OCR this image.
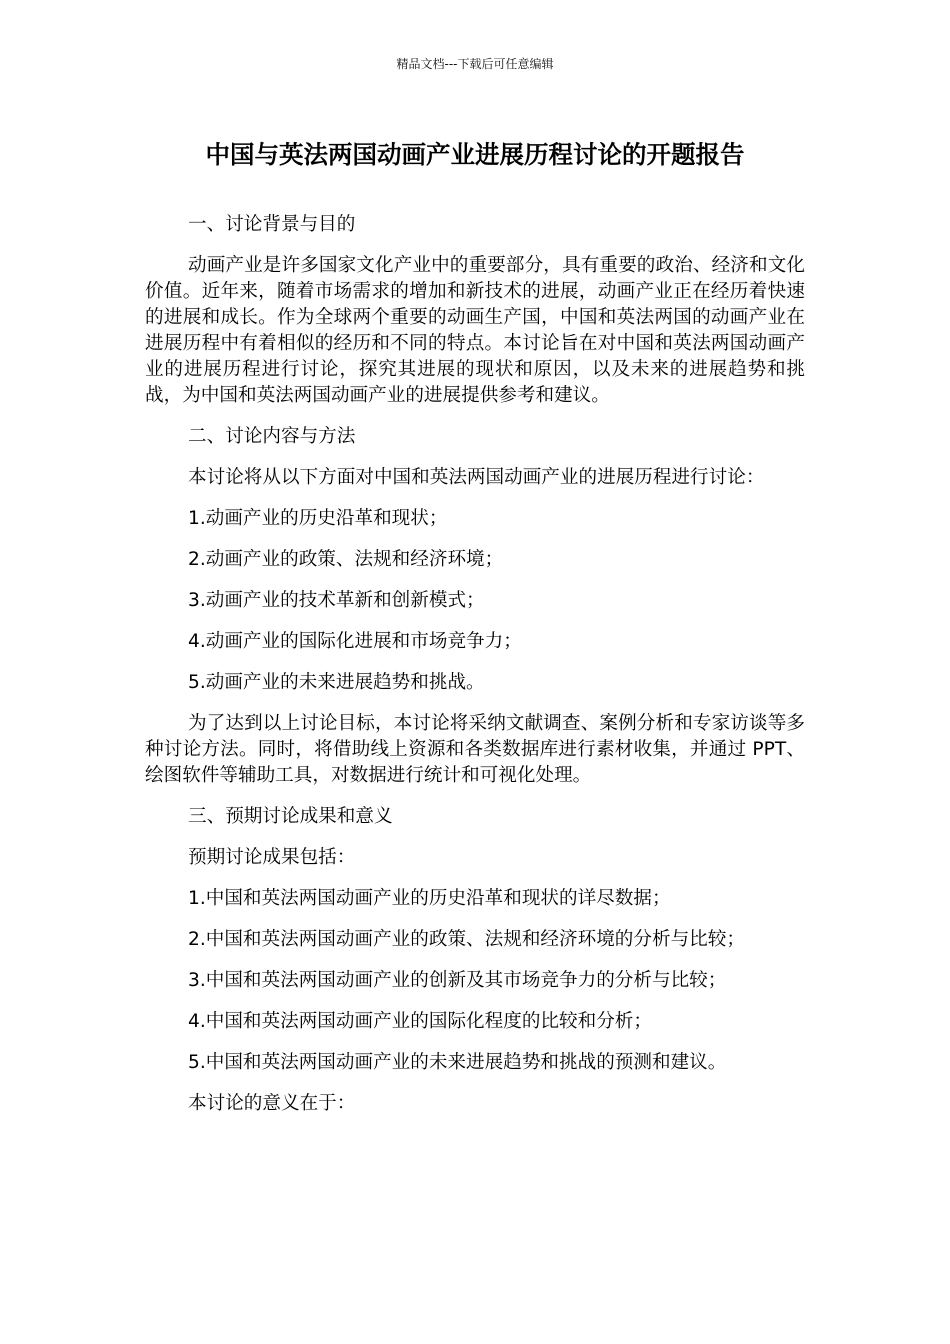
精品文档---下载后可任意编辑
中国与英法两国动画产业进展历程讨论的开题报告

一、讨论背景与目的

动画产业是许多国家文化产业中的重要部分，具有重要的政治、经济和文化价值。近年来，随着市场需求的增加和新技术的进展，动画产业正在经历着快速的进展和成长。作为全球两个重要的动画生产国，中国和英法两国的动画产业在进展历程中有着相似的经历和不同的特点。本讨论旨在对中国和英法两国动画产业的进展历程进行讨论，探究其进展的现状和原因，以及未来的进展趋势和挑战，为中国和英法两国动画产业的进展提供参考和建议。

二、讨论内容与方法

本讨论将从以下方面对中国和英法两国动画产业的进展历程进行讨论：

1.动画产业的历史沿革和现状；

2.动画产业的政策、法规和经济环境；

3.动画产业的技术革新和创新模式；

4.动画产业的国际化进展和市场竞争力；

5.动画产业的未来进展趋势和挑战。

为了达到以上讨论目标，本讨论将采纳文献调查、案例分析和专家访谈等多种讨论方法。同时，将借助线上资源和各类数据库进行素材收集，并通过 PPT、绘图软件等辅助工具，对数据进行统计和可视化处理。

三、预期讨论成果和意义

预期讨论成果包括：

1.中国和英法两国动画产业的历史沿革和现状的详尽数据；

2.中国和英法两国动画产业的政策、法规和经济环境的分析与比较；

3.中国和英法两国动画产业的创新及其市场竞争力的分析与比较；

4.中国和英法两国动画产业的国际化程度的比较和分析；

5.中国和英法两国动画产业的未来进展趋势和挑战的预测和建议。

本讨论的意义在于：
